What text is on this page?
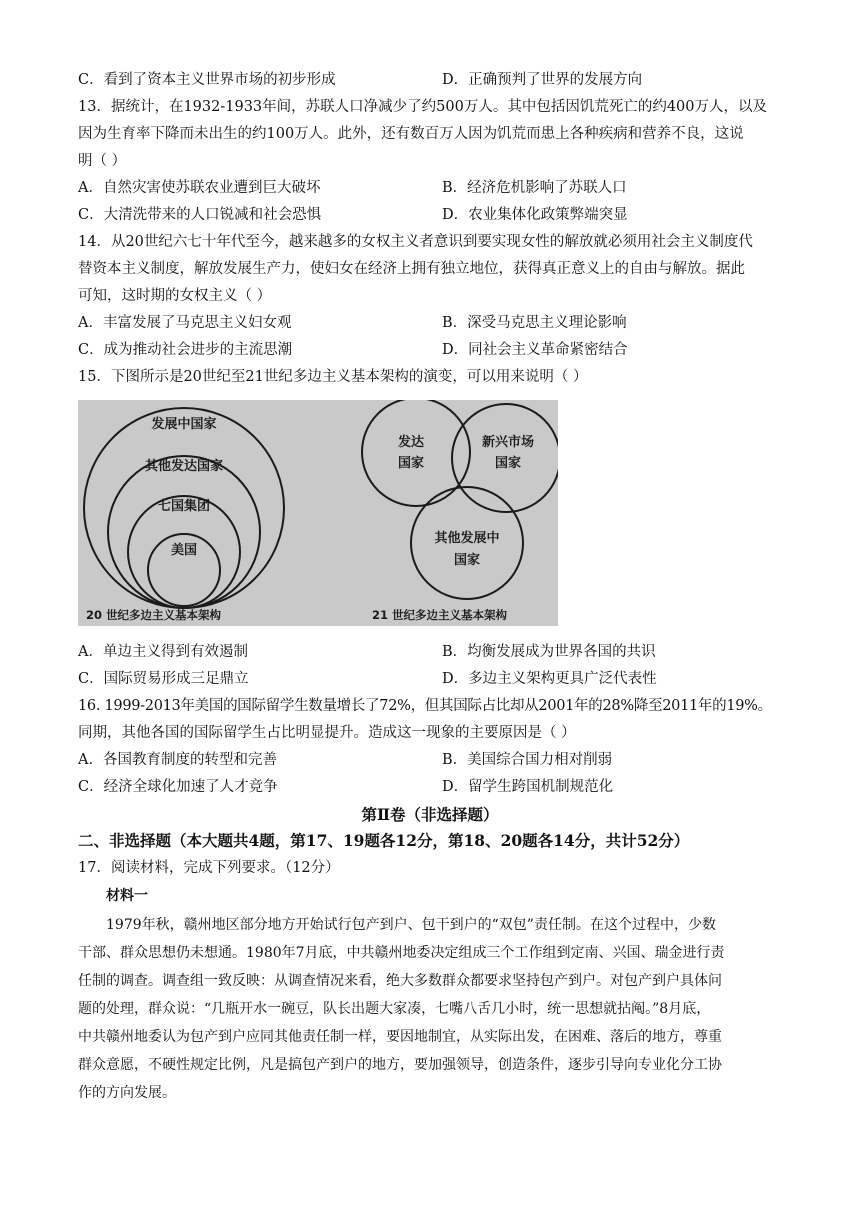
C．看到了资本主义世界市场的初步形成	D．正确预判了世界的发展方向
13．据统计，在1932-1933年间，苏联人口净减少了约500万人。其中包括因饥荒死亡的约400万人，以及
因为生育率下降而未出生的约100万人。此外，还有数百万人因为饥荒而患上各种疾病和营养不良，这说
明（ ）
A．自然灾害使苏联农业遭到巨大破坏	B．经济危机影响了苏联人口
C．大清洗带来的人口锐减和社会恐惧	D．农业集体化政策弊端突显
14．从20世纪六七十年代至今，越来越多的女权主义者意识到要实现女性的解放就必须用社会主义制度代
替资本主义制度，解放发展生产力，使妇女在经济上拥有独立地位，获得真正意义上的自由与解放。据此
可知，这时期的女权主义（ ）
A．丰富发展了马克思主义妇女观	B．深受马克思主义理论影响
C．成为推动社会进步的主流思潮	D．同社会主义革命紧密结合
15．下图所示是20世纪至21世纪多边主义基本架构的演变，可以用来说明（ ）
发展中国家
其他发达国家
七国集团
美国
20 世纪多边主义基本架构
发达
国家
新兴市场
国家
其他发展中
国家
21 世纪多边主义基本架构
A．单边主义得到有效遏制	B．均衡发展成为世界各国的共识
C．国际贸易形成三足鼎立	D．多边主义架构更具广泛代表性
16. 1999-2013年美国的国际留学生数量增长了72%，但其国际占比却从2001年的28%降至2011年的19%。
同期，其他各国的国际留学生占比明显提升。造成这一现象的主要原因是（ ）
A．各国教育制度的转型和完善	B．美国综合国力相对削弱
C．经济全球化加速了人才竞争	D．留学生跨国机制规范化
第Ⅱ卷（非选择题）
二、非选择题（本大题共4题，第17、19题各12分，第18、20题各14分，共计52分）
17．阅读材料，完成下列要求。（12分）
材料一
1979年秋，赣州地区部分地方开始试行包产到户、包干到户的“双包”责任制。在这个过程中，少数
干部、群众思想仍未想通。1980年7月底，中共赣州地委决定组成三个工作组到定南、兴国、瑞金进行责
任制的调查。调查组一致反映：从调查情况来看，绝大多数群众都要求坚持包产到户。对包产到户具体问
题的处理，群众说：“几瓶开水一碗豆，队长出题大家凑，七嘴八舌几小时，统一思想就拈阄。”8月底，
中共赣州地委认为包产到户应同其他责任制一样，要因地制宜，从实际出发，在困难、落后的地方，尊重
群众意愿，不硬性规定比例，凡是搞包产到户的地方，要加强领导，创造条件，逐步引导向专业化分工协
作的方向发展。
